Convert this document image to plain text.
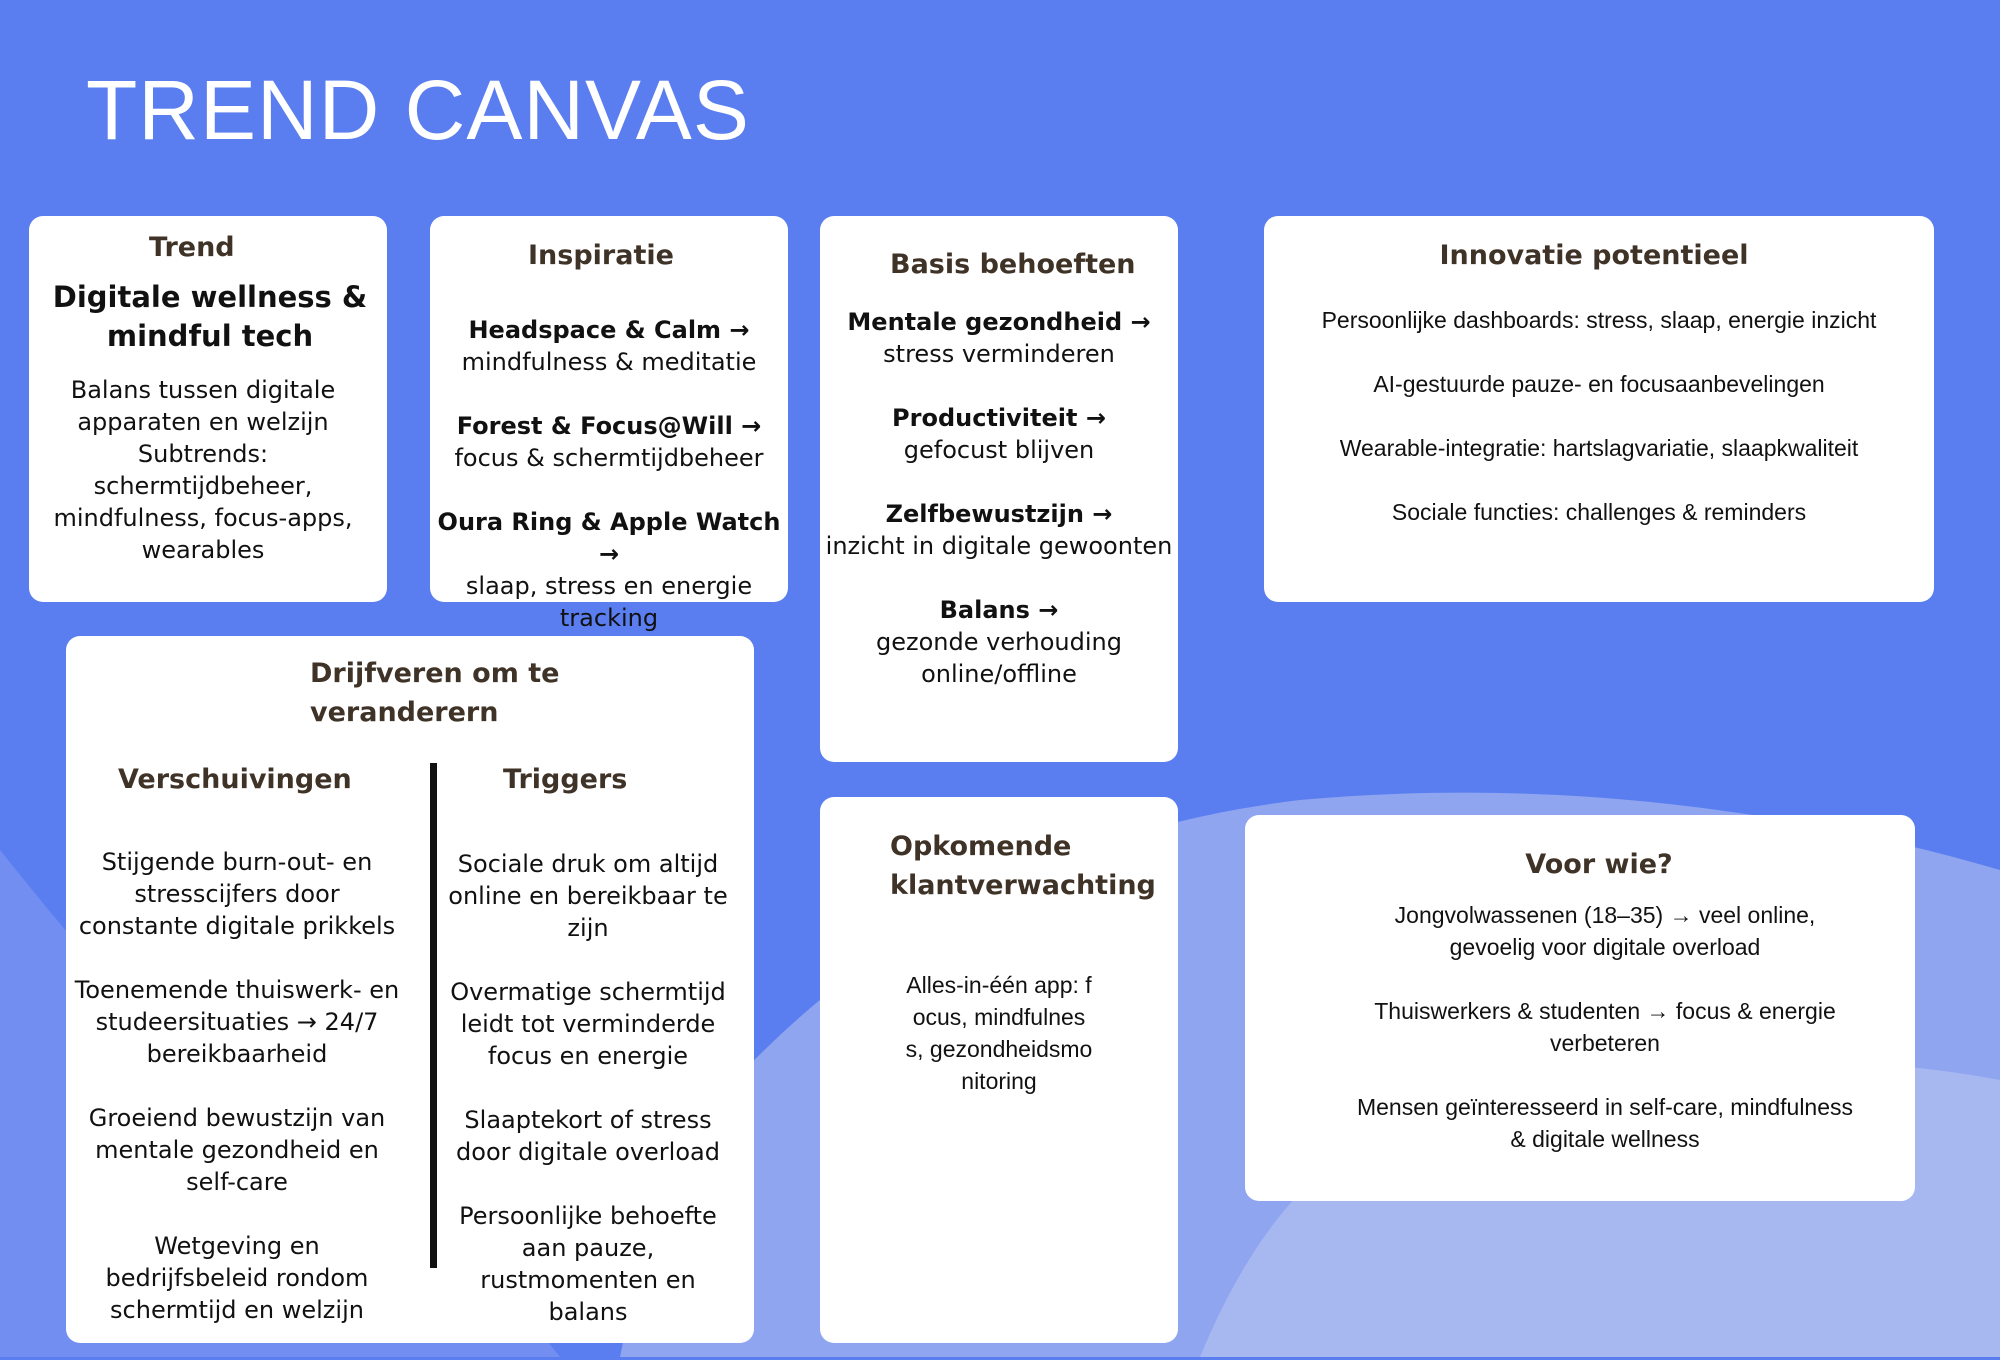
TREND CANVAS
Trend
Digitale wellness & mindful tech
Balans tussen digitale apparaten en welzijn Subtrends: schermtijdbeheer, mindfulness, focus-apps, wearables
Inspiratie
Headspace & Calm →
mindfulness & meditatie
Forest & Focus@Will →
focus & schermtijdbeheer
Oura Ring & Apple Watch →
slaap, stress en energie tracking
Basis behoeften
Mentale gezondheid →
stress verminderen
Productiviteit →
gefocust blijven
Zelfbewustzijn →
inzicht in digitale gewoonten
Balans →
gezonde verhouding online/offline
Innovatie potentieel
Persoonlijke dashboards: stress, slaap, energie inzicht
AI-gestuurde pauze- en focusaanbevelingen
Wearable-integratie: hartslagvariatie, slaapkwaliteit
Sociale functies: challenges & reminders
Drijfveren om te veranderern
Verschuivingen	Triggers
Stijgende burn-out- en stresscijfers door constante digitale prikkels
Toenemende thuiswerk- en studeersituaties → 24/7 bereikbaarheid
Groeiend bewustzijn van mentale gezondheid en self-care
Wetgeving en bedrijfsbeleid rondom schermtijd en welzijn
Sociale druk om altijd online en bereikbaar te zijn
Overmatige schermtijd leidt tot verminderde focus en energie
Slaaptekort of stress door digitale overload
Persoonlijke behoefte aan pauze, rustmomenten en balans
Opkomende klantverwachting
Alles-in-één app: focus, mindfulness, gezondheidsmonitoring
Voor wie?
Jongvolwassenen (18–35) → veel online, gevoelig voor digitale overload
Thuiswerkers & studenten → focus & energie verbeteren
Mensen geïnteresseerd in self-care, mindfulness & digitale wellness
